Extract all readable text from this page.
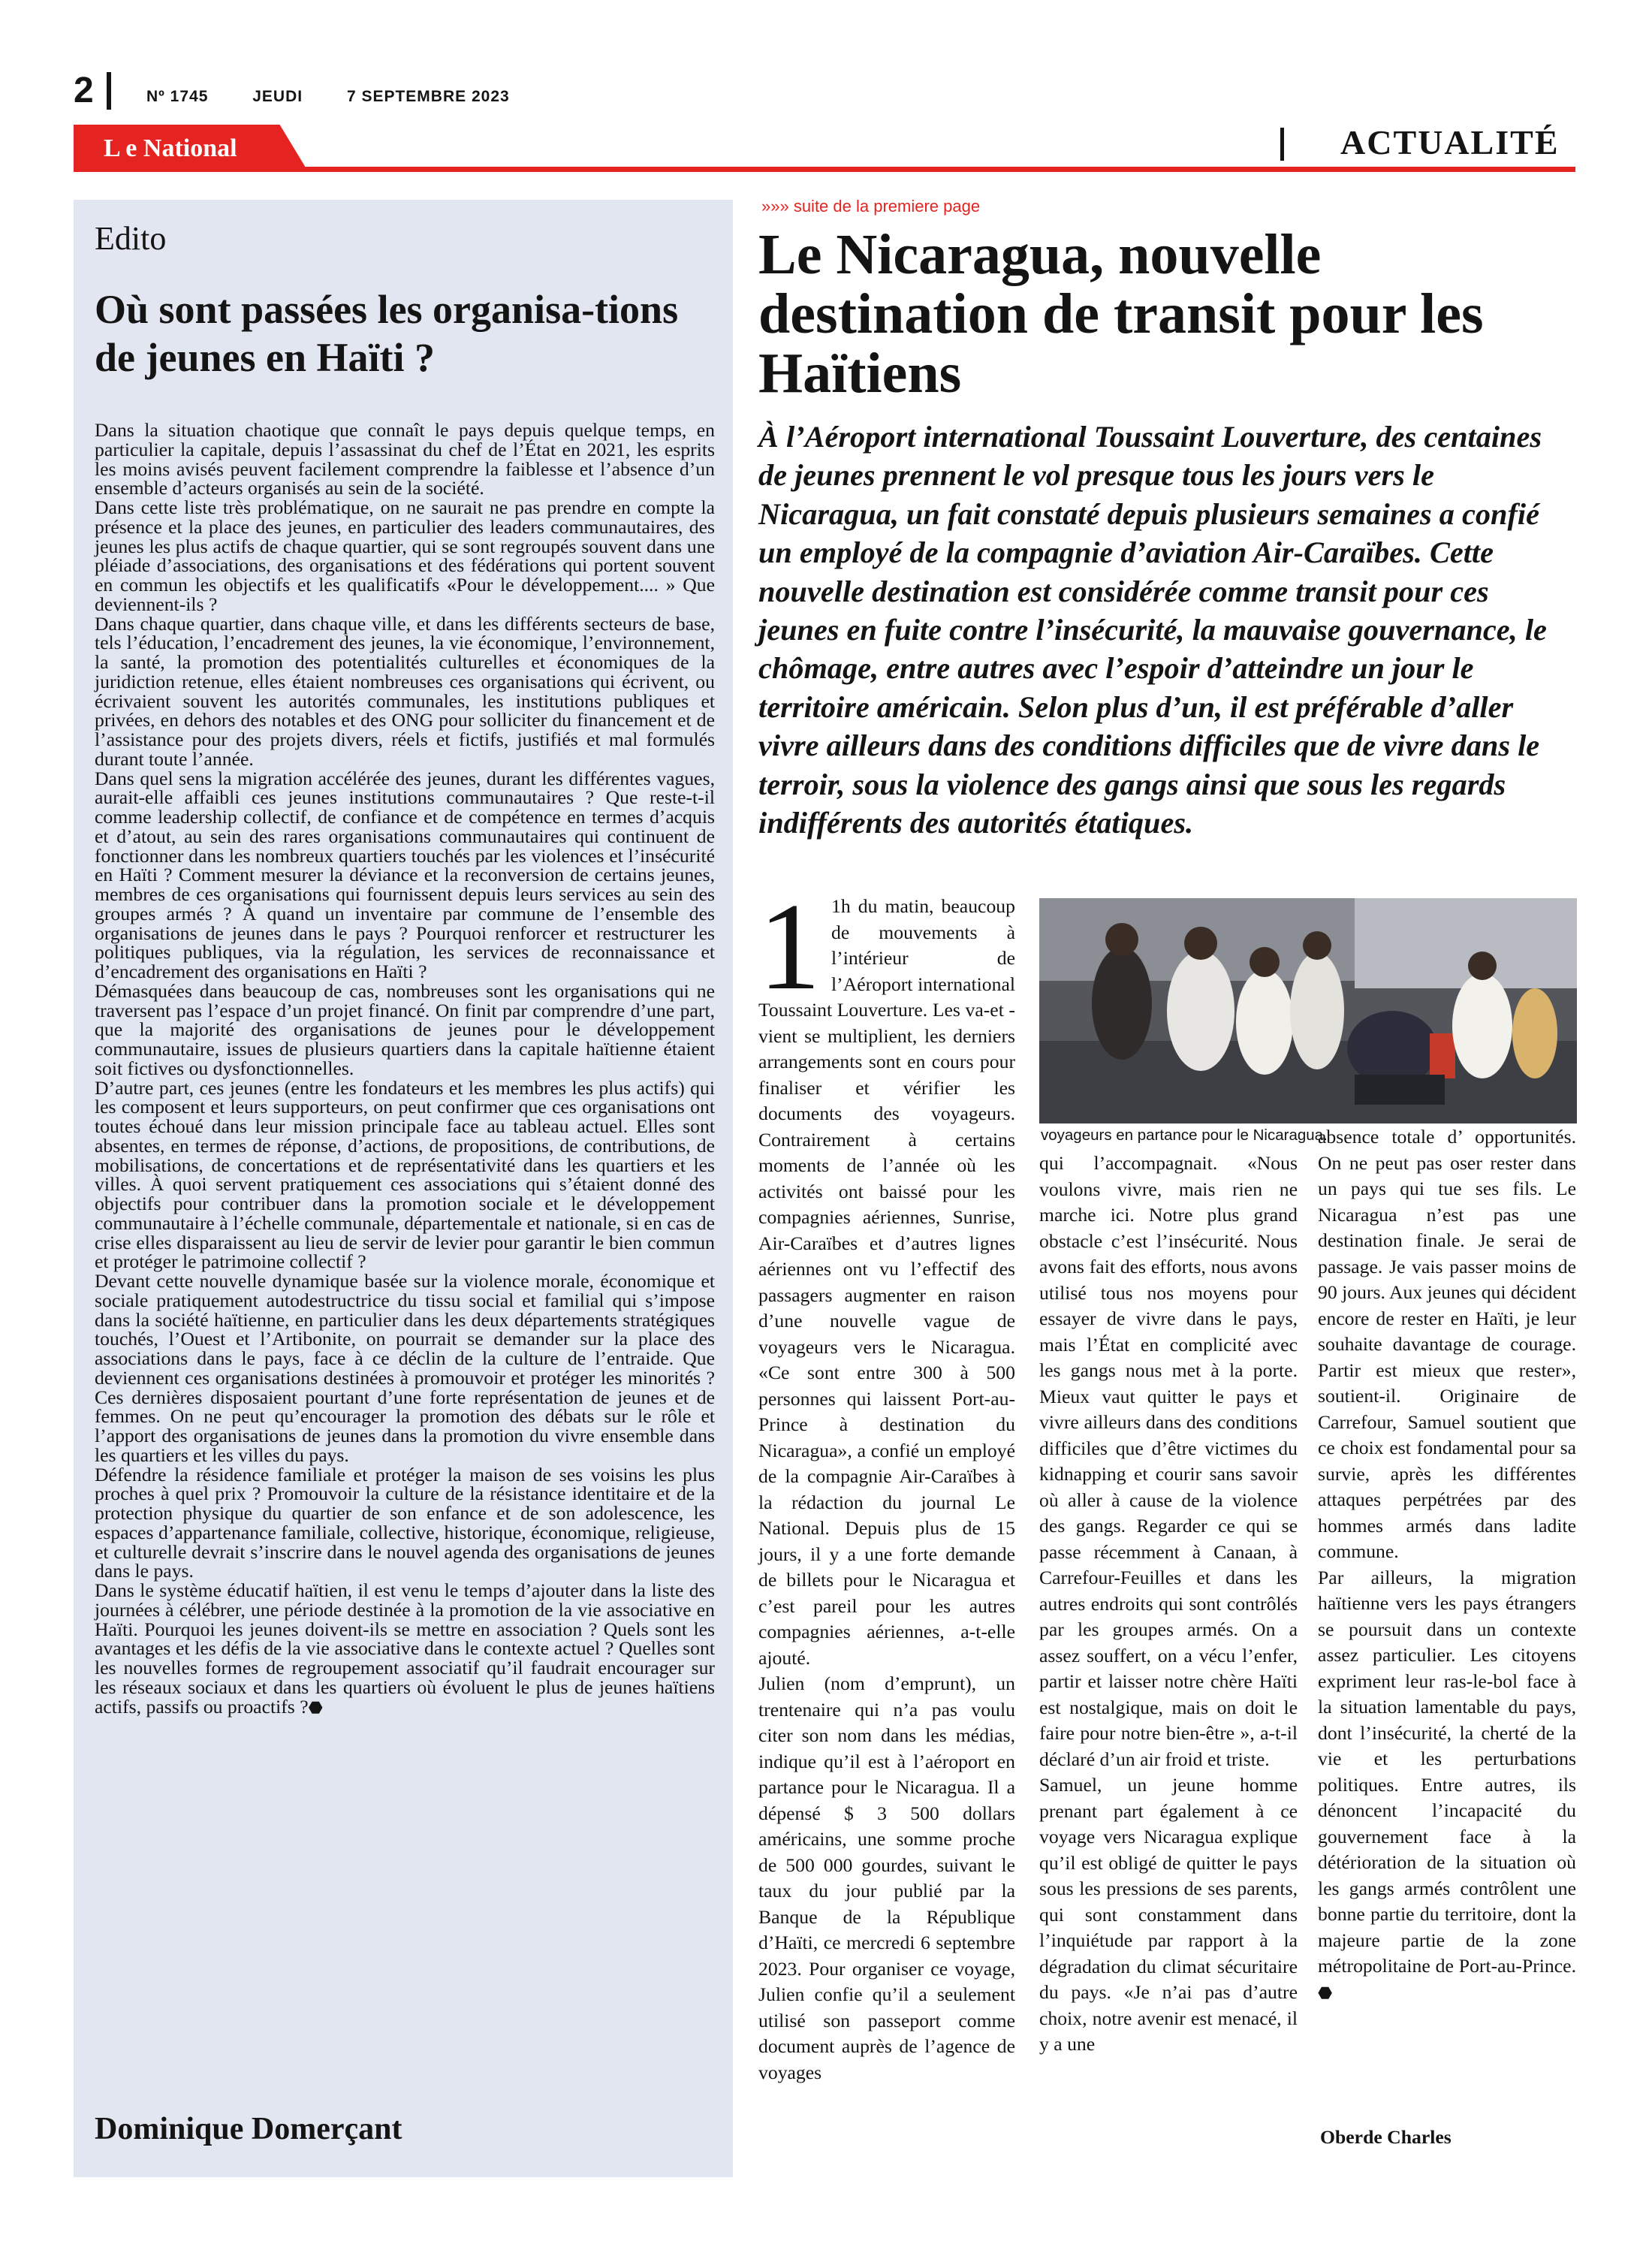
2	Nº 1745	JEUDI	7 SEPTEMBRE 2023
L e National	ACTUALITÉ
Edito
Où sont passées les organisa-tions de jeunes en Haïti ?

Dans la situation chaotique que connaît le pays depuis quelque temps, en particulier la capitale, depuis l’assassinat du chef de l’État en 2021, les esprits les moins avisés peuvent facilement comprendre la faiblesse et l’absence d’un ensemble d’acteurs organisés au sein de la société.

Dans cette liste très problématique, on ne saurait ne pas prendre en compte la présence et la place des jeunes, en particulier des leaders communautaires, des jeunes les plus actifs de chaque quartier, qui se sont regroupés souvent dans une pléiade d’associations, des organisations et des fédérations qui portent souvent en commun les objectifs et les qualificatifs «Pour le développement.... » Que deviennent-ils ?

Dans chaque quartier, dans chaque ville, et dans les différents secteurs de base, tels l’éducation, l’encadrement des jeunes, la vie économique, l’environnement, la santé, la promotion des potentialités culturelles et économiques de la juridiction retenue, elles étaient nombreuses ces organisations qui écrivent, ou écrivaient souvent les autorités communales, les institutions publiques et privées, en dehors des notables et des ONG pour solliciter du financement et de l’assistance pour des projets divers, réels et fictifs, justifiés et mal formulés durant toute l’année.

Dans quel sens la migration accélérée des jeunes, durant les différentes vagues, aurait-elle affaibli ces jeunes institutions communautaires ? Que reste-t-il comme leadership collectif, de confiance et de compétence en termes d’acquis et d’atout, au sein des rares organisations communautaires qui continuent de fonctionner dans les nombreux quartiers touchés par les violences et l’insécurité en Haïti ? Comment mesurer la déviance et la reconversion de certains jeunes, membres de ces organisations qui fournissent depuis leurs services au sein des groupes armés ? À quand un inventaire par commune de l’ensemble des organisations de jeunes dans le pays ? Pourquoi renforcer et restructurer les politiques publiques, via la régulation, les services de reconnaissance et d’encadrement des organisations en Haïti ?

Démasquées dans beaucoup de cas, nombreuses sont les organisations qui ne traversent pas l’espace d’un projet financé. On finit par comprendre d’une part, que la majorité des organisations de jeunes pour le développement communautaire, issues de plusieurs quartiers dans la capitale haïtienne étaient soit fictives ou dysfonctionnelles.

D’autre part, ces jeunes (entre les fondateurs et les membres les plus actifs) qui les composent et leurs supporteurs, on peut confirmer que ces organisations ont toutes échoué dans leur mission principale face au tableau actuel. Elles sont absentes, en termes de réponse, d’actions, de propositions, de contributions, de mobilisations, de concertations et de représentativité dans les quartiers et les villes. À quoi servent pratiquement ces associations qui s’étaient donné des objectifs pour contribuer dans la promotion sociale et le développement communautaire à l’échelle communale, départementale et nationale, si en cas de crise elles disparaissent au lieu de servir de levier pour garantir le bien commun et protéger le patrimoine collectif ?

Devant cette nouvelle dynamique basée sur la violence morale, économique et sociale pratiquement autodestructrice du tissu social et familial qui s’impose dans la société haïtienne, en particulier dans les deux départements stratégiques touchés, l’Ouest et l’Artibonite, on pourrait se demander sur la place des associations dans le pays, face à ce déclin de la culture de l’entraide. Que deviennent ces organisations destinées à promouvoir et protéger les minorités ? Ces dernières disposaient pourtant d’une forte représentation de jeunes et de femmes. On ne peut qu’encourager la promotion des débats sur le rôle et l’apport des organisations de jeunes dans la promotion du vivre ensemble dans les quartiers et les villes du pays.

Défendre la résidence familiale et protéger la maison de ses voisins les plus proches à quel prix ? Promouvoir la culture de la résistance identitaire et de la protection physique du quartier de son enfance et de son adolescence, les espaces d’appartenance familiale, collective, historique, économique, religieuse, et culturelle devrait s’inscrire dans le nouvel agenda des organisations de jeunes dans le pays.

Dans le système éducatif haïtien, il est venu le temps d’ajouter dans la liste des journées à célébrer, une période destinée à la promotion de la vie associative en Haïti. Pourquoi les jeunes doivent-ils se mettre en association ? Quels sont les avantages et les défis de la vie associative dans le contexte actuel ? Quelles sont les nouvelles formes de regroupement associatif qu’il faudrait encourager sur les réseaux sociaux et dans les quartiers où évoluent le plus de jeunes haïtiens actifs, passifs ou proactifs ?⬣

Dominique Domerçant
»»» suite de la premiere page
Le Nicaragua, nouvelle destination de transit pour les Haïtiens

À l’Aéroport international Toussaint Louverture, des centaines de jeunes prennent le vol presque tous les jours vers le Nicaragua, un fait constaté depuis plusieurs semaines a confié un employé de la compagnie d’aviation Air-Caraïbes. Cette nouvelle destination est considérée comme transit pour ces jeunes en fuite contre l’insécurité, la mauvaise gouvernance, le chômage, entre autres avec l’espoir d’atteindre un jour le territoire américain. Selon plus d’un, il est préférable d’aller vivre ailleurs dans des conditions difficiles que de vivre dans le terroir, sous la violence des gangs ainsi que sous les regards indifférents des autorités étatiques.

1 1h du matin, beaucoup de mouvements à l’intérieur de l’Aéroport international Toussaint Louverture. Les va-et -vient se multiplient, les derniers arrangements sont en cours pour finaliser et vérifier les documents des voyageurs. Contrairement à certains moments de l’année où les activités ont baissé pour les compagnies aériennes, Sunrise, Air-Caraïbes et d’autres lignes aériennes ont vu l’effectif des passagers augmenter en raison d’une nouvelle vague de voyageurs vers le Nicaragua. «Ce sont entre 300 à 500 personnes qui laissent Port-au-Prince à destination du Nicaragua», a confié un employé de la compagnie Air-Caraïbes à la rédaction du journal Le National. Depuis plus de 15 jours, il y a une forte demande de billets pour le Nicaragua et c’est pareil pour les autres compagnies aériennes, a-t-elle ajouté.

Julien (nom d’emprunt), un trentenaire qui n’a pas voulu citer son nom dans les médias, indique qu’il est à l’aéroport en partance pour le Nicaragua. Il a dépensé $ 3 500 dollars américains, une somme proche de 500 000 gourdes, suivant le taux du jour publié par la Banque de la République d’Haïti, ce mercredi 6 septembre 2023. Pour organiser ce voyage, Julien confie qu’il a seulement utilisé son passeport comme document auprès de l’agence de voyages

voyageurs en partance pour le Nicaragua.

qui l’accompagnait. «Nous voulons vivre, mais rien ne marche ici. Notre plus grand obstacle c’est l’insécurité. Nous avons fait des efforts, nous avons utilisé tous nos moyens pour essayer de vivre dans le pays, mais l’État en complicité avec les gangs nous met à la porte. Mieux vaut quitter le pays et vivre ailleurs dans des conditions difficiles que d’être victimes du kidnapping et courir sans savoir où aller à cause de la violence des gangs. Regarder ce qui se passe récemment à Canaan, à Carrefour-Feuilles et dans les autres endroits qui sont contrôlés par les groupes armés. On a assez souffert, on a vécu l’enfer, partir et laisser notre chère Haïti est nostalgique, mais on doit le faire pour notre bien-être », a-t-il déclaré d’un air froid et triste.

Samuel, un jeune homme prenant part également à ce voyage vers Nicaragua explique qu’il est obligé de quitter le pays sous les pressions de ses parents, qui sont constamment dans l’inquiétude par rapport à la dégradation du climat sécuritaire du pays. «Je n’ai pas d’autre choix, notre avenir est menacé, il y a une

absence totale d’ opportunités. On ne peut pas oser rester dans un pays qui tue ses fils. Le Nicaragua n’est pas une destination finale. Je serai de passage. Je vais passer moins de 90 jours. Aux jeunes qui décident encore de rester en Haïti, je leur souhaite davantage de courage. Partir est mieux que rester», soutient-il. Originaire de Carrefour, Samuel soutient que ce choix est fondamental pour sa survie, après les différentes attaques perpétrées par des hommes armés dans ladite commune.

Par ailleurs, la migration haïtienne vers les pays étrangers se poursuit dans un contexte assez particulier. Les citoyens expriment leur ras-le-bol face à la situation lamentable du pays, dont l’insécurité, la cherté de la vie et les perturbations politiques. Entre autres, ils dénoncent l’incapacité du gouvernement face à la détérioration de la situation où les gangs armés contrôlent une bonne partie du territoire, dont la majeure partie de la zone métropolitaine de Port-au-Prince. ⬣

Oberde Charles
